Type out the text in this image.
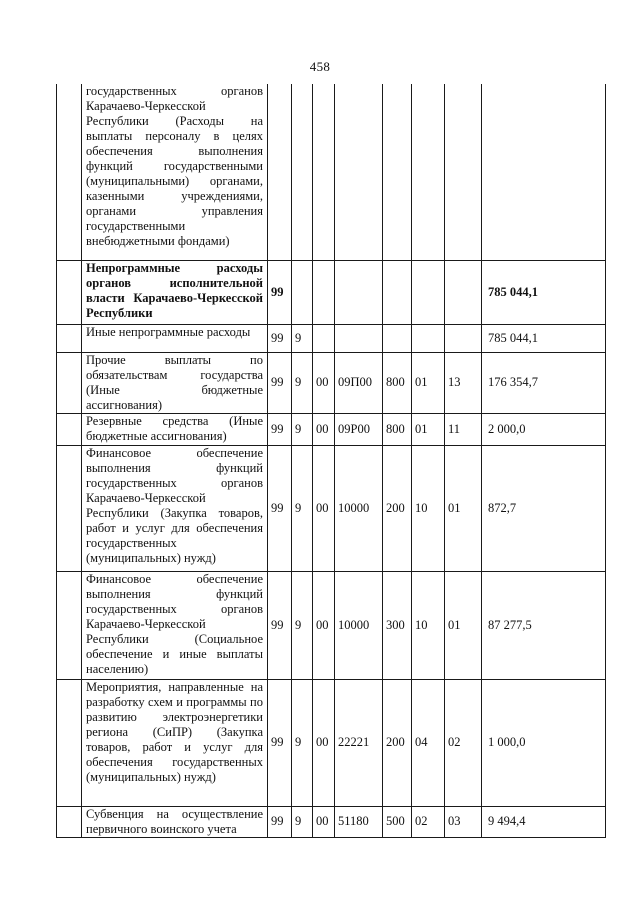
458
	государственных органов Карачаево-Черкесской Республики (Расходы на выплаты персоналу в целях обеспечения выполнения функций государственными (муниципальными) органами, казенными учреждениями, органами управления государственными внебюджетными фондами)								
	Непрограммные расходы органов исполнительной власти Карачаево-Черкесской Республики	99							785 044,1
	Иные непрограммные расходы	99	9						785 044,1
	Прочие выплаты по обязательствам государства (Иные бюджетные ассигнования)	99	9	00	09П00	800	01	13	176 354,7
	Резервные средства (Иные бюджетные ассигнования)	99	9	00	09Р00	800	01	11	2 000,0
	Финансовое обеспечение выполнения функций государственных органов Карачаево-Черкесской Республики (Закупка товаров, работ и услуг для обеспечения государственных (муниципальных) нужд)	99	9	00	10000	200	10	01	872,7
	Финансовое обеспечение выполнения функций государственных органов Карачаево-Черкесской Республики (Социальное обеспечение и иные выплаты населению)	99	9	00	10000	300	10	01	87 277,5
	Мероприятия, направленные на разработку схем и программы по развитию электроэнергетики региона (СиПР) (Закупка товаров, работ и услуг для обеспечения государственных (муниципальных) нужд)	99	9	00	22221	200	04	02	1 000,0
	Субвенция на осуществление первичного воинского учета	99	9	00	51180	500	02	03	9 494,4
